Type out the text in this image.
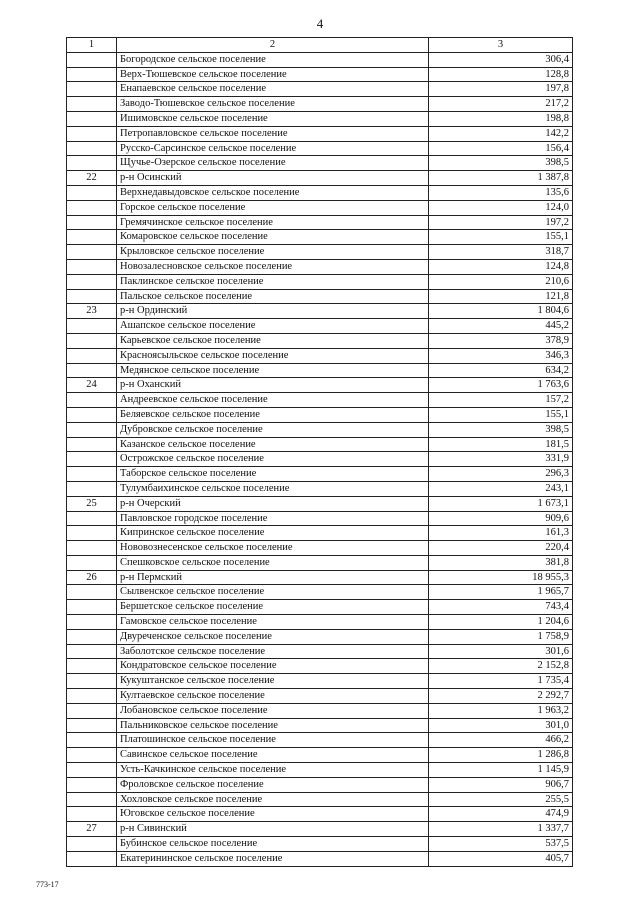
4
1	2	3
	Богородское сельское поселение	306,4
	Верх-Тюшевское сельское поселение	128,8
	Енапаевское сельское поселение	197,8
	Заводо-Тюшевское сельское поселение	217,2
	Ишимовское сельское поселение	198,8
	Петропавловское сельское поселение	142,2
	Русско-Сарсинское сельское поселение	156,4
	Щучье-Озерское сельское поселение	398,5
22	р-н Осинский	1 387,8
	Верхнедавыдовское сельское поселение	135,6
	Горское сельское поселение	124,0
	Гремячинское сельское поселение	197,2
	Комаровское сельское поселение	155,1
	Крыловское сельское поселение	318,7
	Новозалесновское сельское поселение	124,8
	Паклинское сельское поселение	210,6
	Пальское сельское поселение	121,8
23	р-н Ординский	1 804,6
	Ашапское сельское поселение	445,2
	Карьевское сельское поселение	378,9
	Красноясыльское сельское поселение	346,3
	Медянское сельское поселение	634,2
24	р-н Оханский	1 763,6
	Андреевское сельское поселение	157,2
	Беляевское сельское поселение	155,1
	Дубровское сельское поселение	398,5
	Казанское сельское поселение	181,5
	Острожское сельское поселение	331,9
	Таборское сельское поселение	296,3
	Тулумбаихинское сельское поселение	243,1
25	р-н Очерский	1 673,1
	Павловское городское поселение	909,6
	Кипринское сельское поселение	161,3
	Нововознесенское сельское поселение	220,4
	Спешковское сельское поселение	381,8
26	р-н Пермский	18 955,3
	Сылвенское сельское поселение	1 965,7
	Бершетское сельское поселение	743,4
	Гамовское сельское поселение	1 204,6
	Двуреченское сельское поселение	1 758,9
	Заболотское сельское поселение	301,6
	Кондратовское сельское поселение	2 152,8
	Кукуштанское сельское поселение	1 735,4
	Култаевское сельское поселение	2 292,7
	Лобановское сельское поселение	1 963,2
	Пальниковское сельское поселение	301,0
	Платошинское сельское поселение	466,2
	Савинское сельское поселение	1 286,8
	Усть-Качкинское сельское поселение	1 145,9
	Фроловское сельское поселение	906,7
	Хохловское сельское поселение	255,5
	Юговское сельское поселение	474,9
27	р-н Сивинский	1 337,7
	Бубинское сельское поселение	537,5
	Екатерининское сельское поселение	405,7
773-17
